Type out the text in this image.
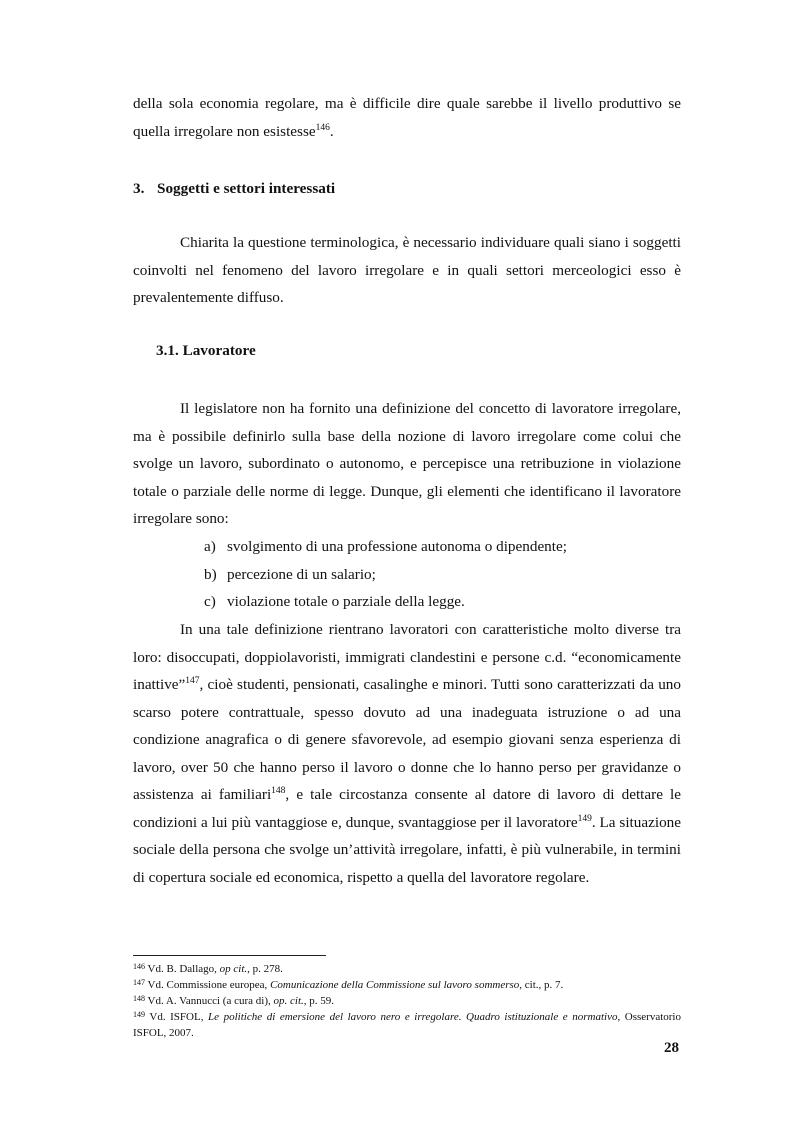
della sola economia regolare, ma è difficile dire quale sarebbe il livello produttivo se quella irregolare non esistesse$^{146}$.

3. Soggetti e settori interessati

Chiarita la questione terminologica, è necessario individuare quali siano i soggetti coinvolti nel fenomeno del lavoro irregolare e in quali settori merceologici esso è prevalentemente diffuso.

3.1. Lavoratore

Il legislatore non ha fornito una definizione del concetto di lavoratore irregolare, ma è possibile definirlo sulla base della nozione di lavoro irregolare come colui che svolge un lavoro, subordinato o autonomo, e percepisce una retribuzione in violazione totale o parziale delle norme di legge. Dunque, gli elementi che identificano il lavoratore irregolare sono:

a) svolgimento di una professione autonoma o dipendente;
b) percezione di un salario;
c) violazione totale o parziale della legge.

In una tale definizione rientrano lavoratori con caratteristiche molto diverse tra loro: disoccupati, doppiolavoristi, immigrati clandestini e persone c.d. “economicamente inattive”$^{147}$, cioè studenti, pensionati, casalinghe e minori. Tutti sono caratterizzati da uno scarso potere contrattuale, spesso dovuto ad una inadeguata istruzione o ad una condizione anagrafica o di genere sfavorevole, ad esempio giovani senza esperienza di lavoro, over 50 che hanno perso il lavoro o donne che lo hanno perso per gravidanze o assistenza ai familiari$^{148}$, e tale circostanza consente al datore di lavoro di dettare le condizioni a lui più vantaggiose e, dunque, svantaggiose per il lavoratore$^{149}$. La situazione sociale della persona che svolge un’attività irregolare, infatti, è più vulnerabile, in termini di copertura sociale ed economica, rispetto a quella del lavoratore regolare.

$^{146}$ Vd. B. Dallago, op cit., p. 278.

$^{147}$ Vd. Commissione europea, Comunicazione della Commissione sul lavoro sommerso, cit., p. 7.

$^{148}$ Vd. A. Vannucci (a cura di), op. cit., p. 59.

$^{149}$ Vd. ISFOL, Le politiche di emersione del lavoro nero e irregolare. Quadro istituzionale e normativo, Osservatorio ISFOL, 2007.

28
